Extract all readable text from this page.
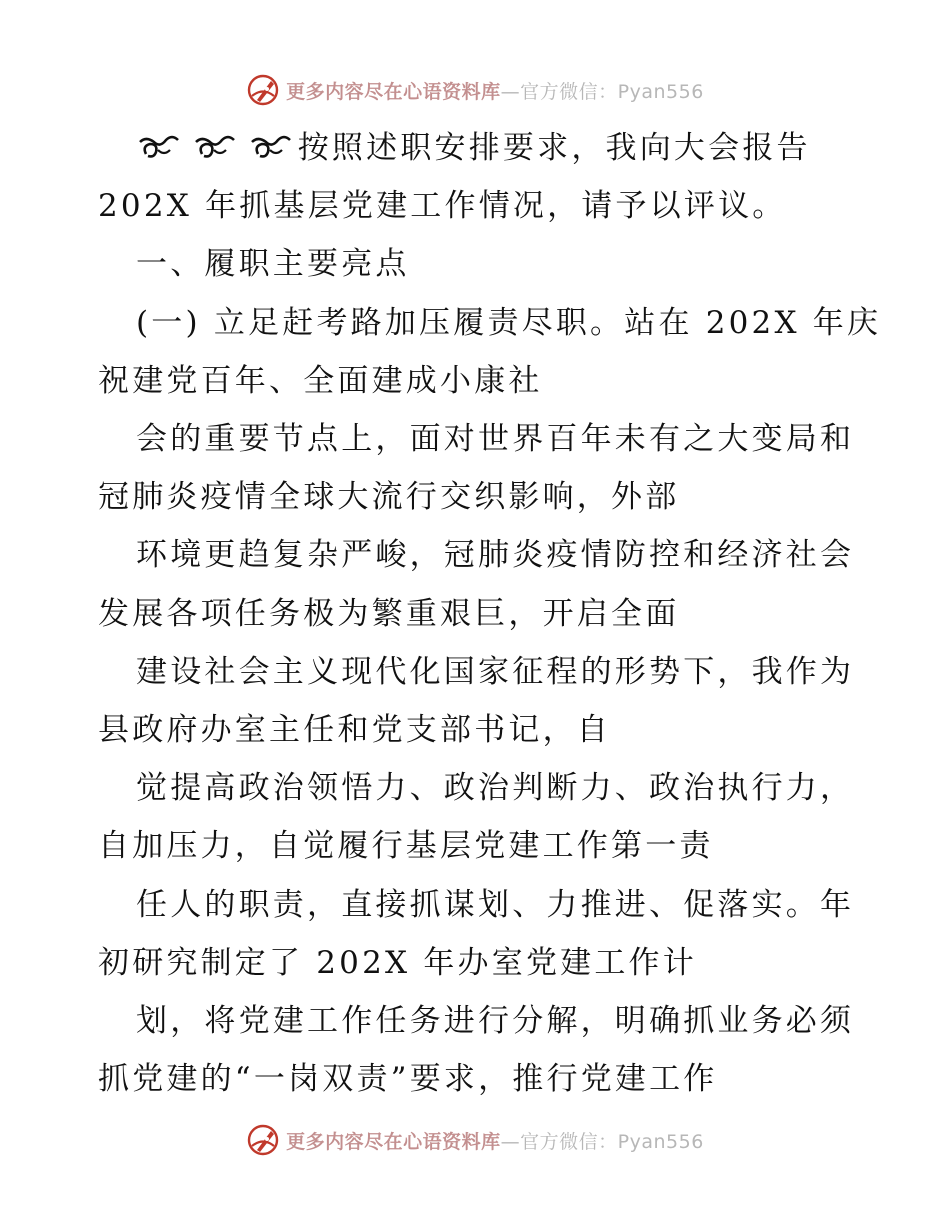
更多内容尽在心语资料库—官方微信：Pyan556
按照述职安排要求，我向大会报告
202X 年抓基层党建工作情况，请予以评议。
一、履职主要亮点
(一) 立足赶考路加压履责尽职。站在 202X 年庆
祝建党百年、全面建成小康社
会的重要节点上，面对世界百年未有之大变局和
冠肺炎疫情全球大流行交织影响，外部
环境更趋复杂严峻，冠肺炎疫情防控和经济社会
发展各项任务极为繁重艰巨，开启全面
建设社会主义现代化国家征程的形势下，我作为
县政府办室主任和党支部书记，自
觉提高政治领悟力、政治判断力、政治执行力，
自加压力，自觉履行基层党建工作第一责
任人的职责，直接抓谋划、力推进、促落实。年
初研究制定了 202X 年办室党建工作计
划，将党建工作任务进行分解，明确抓业务必须
抓党建的“一岗双责”要求，推行党建工作
更多内容尽在心语资料库—官方微信：Pyan556
